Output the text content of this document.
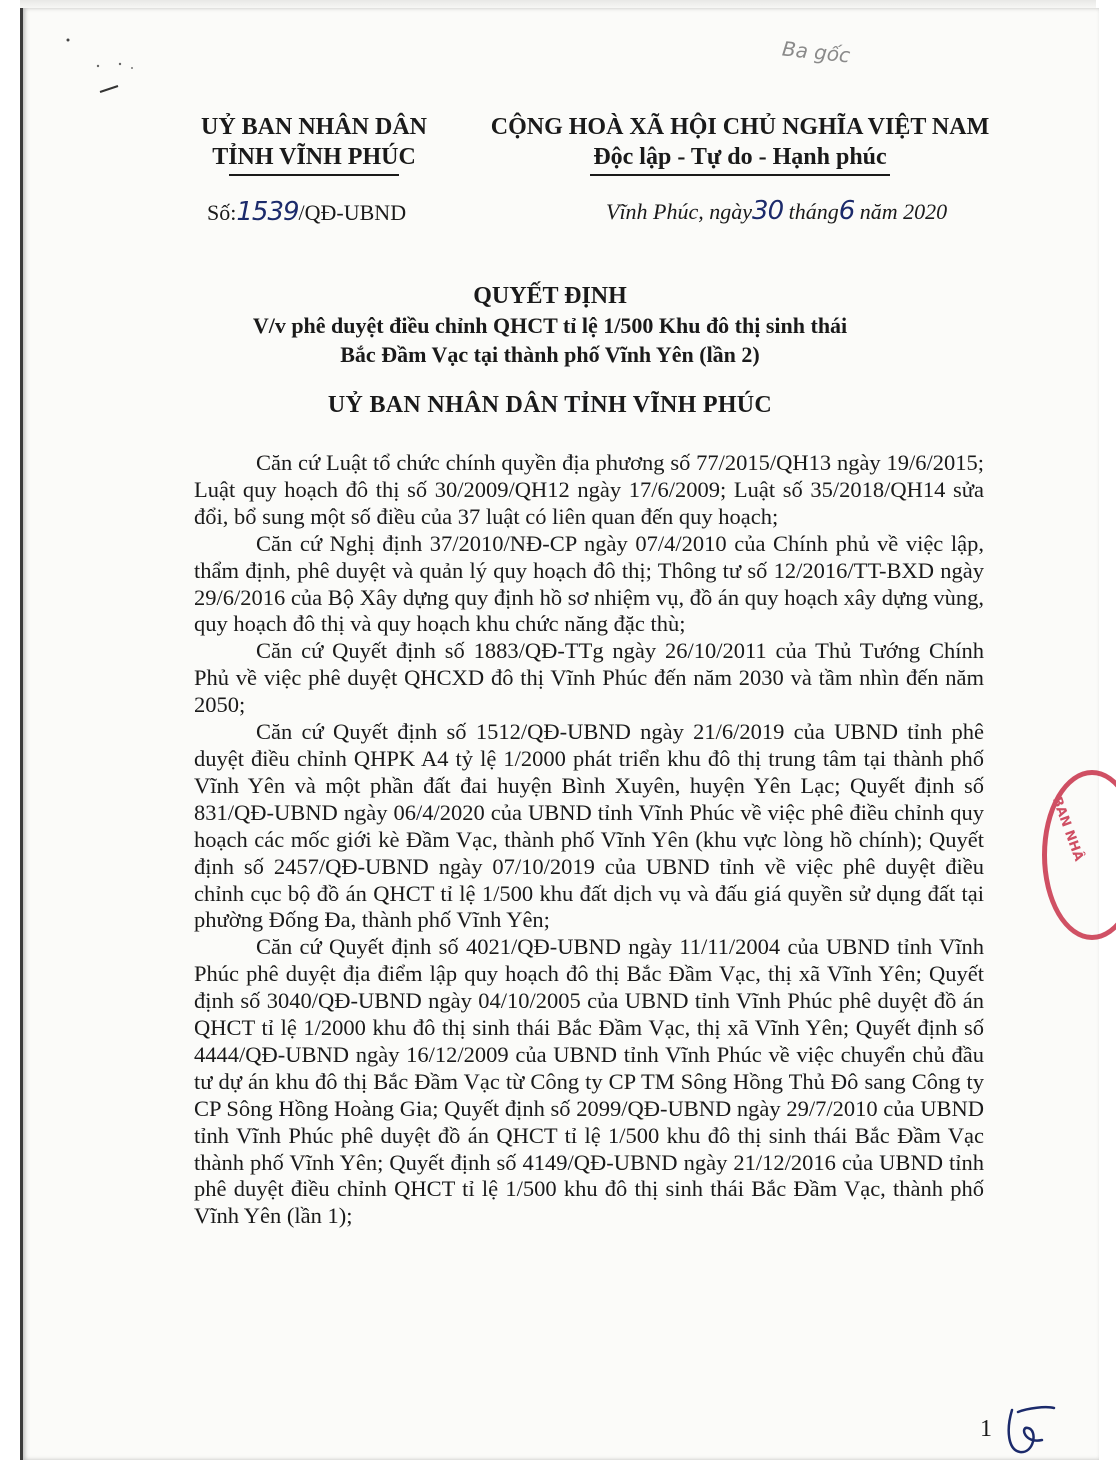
Ba gốc
UỶ BAN NHÂN DÂN
TỈNH VĨNH PHÚC
CỘNG HOÀ XÃ HỘI CHỦ NGHĨA VIỆT NAM
Độc lập - Tự do - Hạnh phúc
Số:1539/QĐ-UBND	Vĩnh Phúc, ngày30 tháng6 năm 2020
QUYẾT ĐỊNH
V/v phê duyệt điều chỉnh QHCT tỉ lệ 1/500 Khu đô thị sinh thái
Bắc Đầm Vạc tại thành phố Vĩnh Yên (lần 2)
UỶ BAN NHÂN DÂN TỈNH VĨNH PHÚC

Căn cứ Luật tổ chức chính quyền địa phương số 77/2015/QH13 ngày 19/6/2015; Luật quy hoạch đô thị số 30/2009/QH12 ngày 17/6/2009; Luật số 35/2018/QH14 sửa đổi, bổ sung một số điều của 37 luật có liên quan đến quy hoạch;

Căn cứ Nghị định 37/2010/NĐ-CP ngày 07/4/2010 của Chính phủ về việc lập, thẩm định, phê duyệt và quản lý quy hoạch đô thị; Thông tư số 12/2016/TT-BXD ngày 29/6/2016 của Bộ Xây dựng quy định hồ sơ nhiệm vụ, đồ án quy hoạch xây dựng vùng, quy hoạch đô thị và quy hoạch khu chức năng đặc thù;

Căn cứ Quyết định số 1883/QĐ-TTg ngày 26/10/2011 của Thủ Tướng Chính Phủ về việc phê duyệt QHCXD đô thị Vĩnh Phúc đến năm 2030 và tầm nhìn đến năm 2050;

Căn cứ Quyết định số 1512/QĐ-UBND ngày 21/6/2019 của UBND tỉnh phê duyệt điều chỉnh QHPK A4 tỷ lệ 1/2000 phát triển khu đô thị trung tâm tại thành phố Vĩnh Yên và một phần đất đai huyện Bình Xuyên, huyện Yên Lạc; Quyết định số 831/QĐ-UBND ngày 06/4/2020 của UBND tỉnh Vĩnh Phúc về việc phê điều chỉnh quy hoạch các mốc giới kè Đầm Vạc, thành phố Vĩnh Yên (khu vực lòng hồ chính); Quyết định số 2457/QĐ-UBND ngày 07/10/2019 của UBND tỉnh về việc phê duyệt điều chỉnh cục bộ đồ án QHCT tỉ lệ 1/500 khu đất dịch vụ và đấu giá quyền sử dụng đất tại phường Đống Đa, thành phố Vĩnh Yên;

Căn cứ Quyết định số 4021/QĐ-UBND ngày 11/11/2004 của UBND tỉnh Vĩnh Phúc phê duyệt địa điểm lập quy hoạch đô thị Bắc Đầm Vạc, thị xã Vĩnh Yên; Quyết định số 3040/QĐ-UBND ngày 04/10/2005 của UBND tỉnh Vĩnh Phúc phê duyệt đồ án QHCT tỉ lệ 1/2000 khu đô thị sinh thái Bắc Đầm Vạc, thị xã Vĩnh Yên; Quyết định số 4444/QĐ-UBND ngày 16/12/2009 của UBND tỉnh Vĩnh Phúc về việc chuyển chủ đầu tư dự án khu đô thị Bắc Đầm Vạc từ Công ty CP TM Sông Hồng Thủ Đô sang Công ty CP Sông Hồng Hoàng Gia; Quyết định số 2099/QĐ-UBND ngày 29/7/2010 của UBND tỉnh Vĩnh Phúc phê duyệt đồ án QHCT tỉ lệ 1/500 khu đô thị sinh thái Bắc Đầm Vạc thành phố Vĩnh Yên; Quyết định số 4149/QĐ-UBND ngày 21/12/2016 của UBND tỉnh phê duyệt điều chỉnh QHCT tỉ lệ 1/500 khu đô thị sinh thái Bắc Đầm Vạc, thành phố Vĩnh Yên (lần 1);

BAN NHÂ
1
